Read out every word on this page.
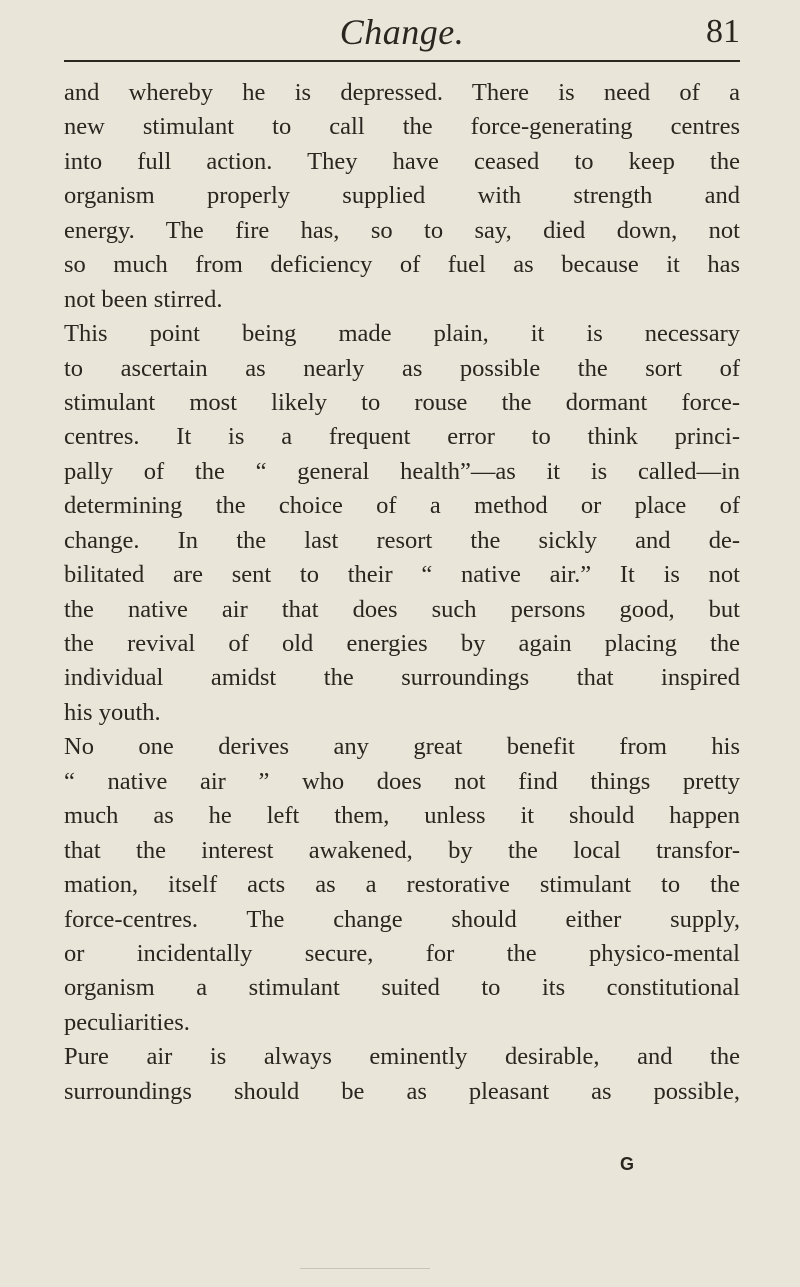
Change.	81
and whereby he is depressed. There is need of a
new stimulant to call the force-generating centres
into full action. They have ceased to keep the
organism properly supplied with strength and
energy. The fire has, so to say, died down, not
so much from deficiency of fuel as because it has
not been stirred.
This point being made plain, it is necessary
to ascertain as nearly as possible the sort of
stimulant most likely to rouse the dormant force-
centres. It is a frequent error to think princi-
pally of the “ general health”—as it is called—in
determining the choice of a method or place of
change. In the last resort the sickly and de-
bilitated are sent to their “ native air.” It is not
the native air that does such persons good, but
the revival of old energies by again placing the
individual amidst the surroundings that inspired
his youth.
No one derives any great benefit from his
“ native air ” who does not find things pretty
much as he left them, unless it should happen
that the interest awakened, by the local transfor-
mation, itself acts as a restorative stimulant to the
force-centres. The change should either supply,
or incidentally secure, for the physico-mental
organism a stimulant suited to its constitutional
peculiarities.
Pure air is always eminently desirable, and the
surroundings should be as pleasant as possible,
G
